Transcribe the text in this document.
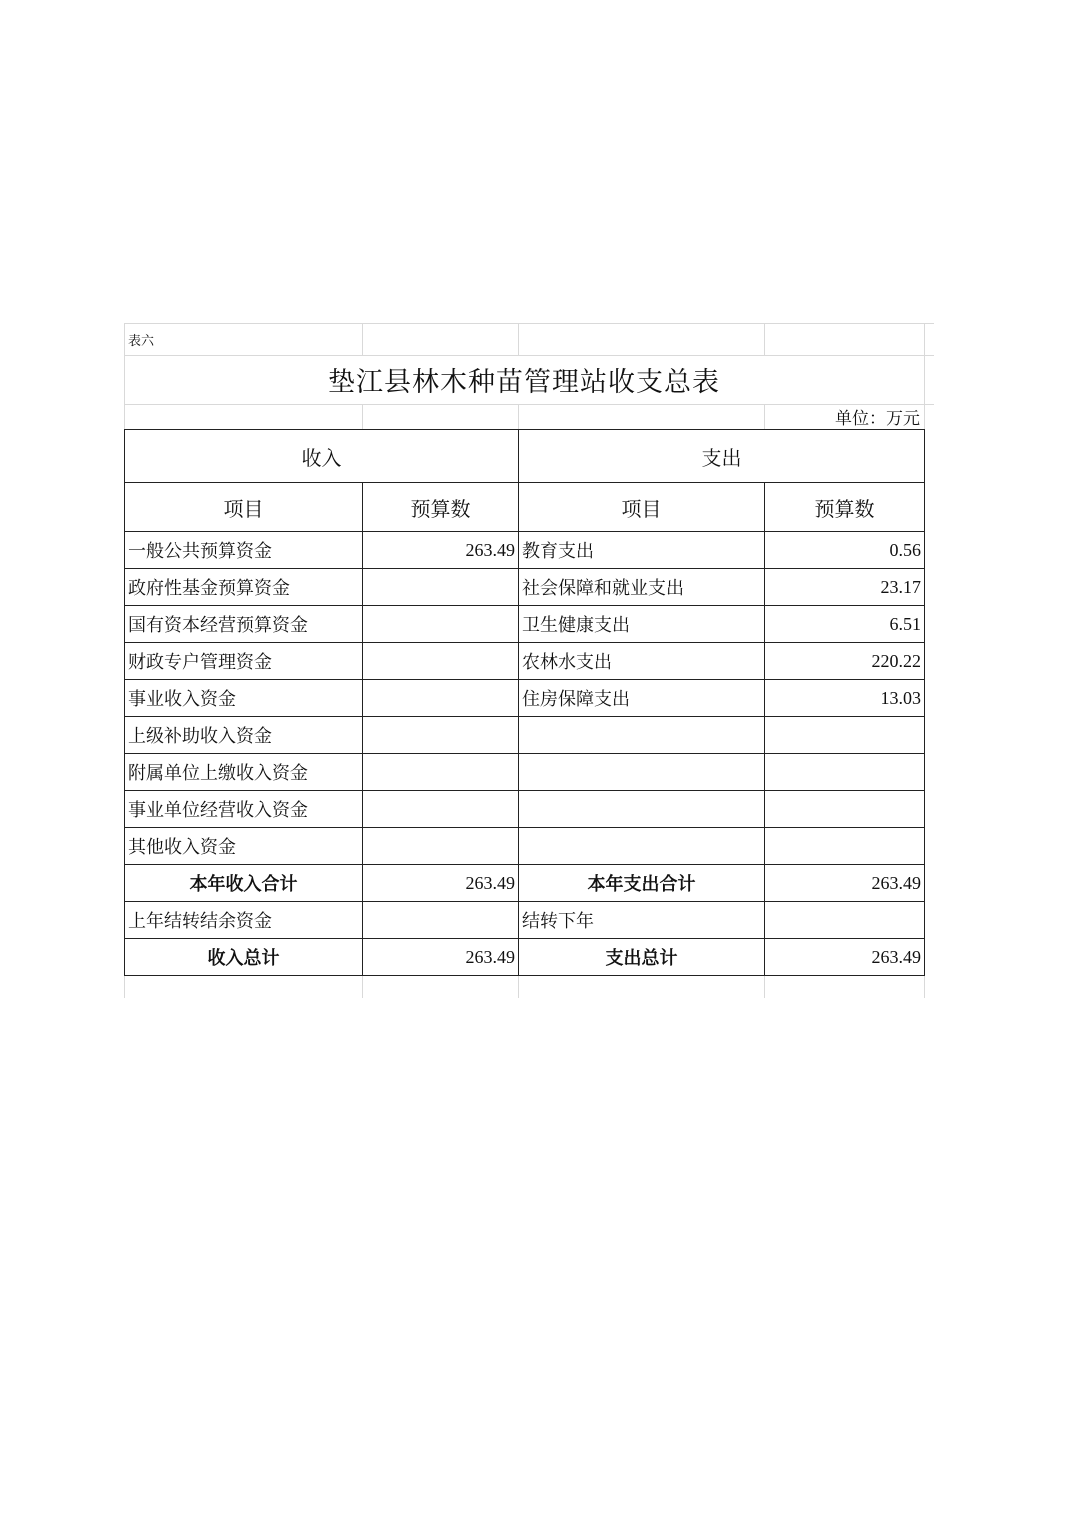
表六
垫江县林木种苗管理站收支总表
单位：万元
收入		支出	
项目	预算数	项目	预算数
一般公共预算资金	263.49	教育支出	0.56
政府性基金预算资金		社会保障和就业支出	23.17
国有资本经营预算资金		卫生健康支出	6.51
财政专户管理资金		农林水支出	220.22
事业收入资金		住房保障支出	13.03
上级补助收入资金			
附属单位上缴收入资金			
事业单位经营收入资金			
其他收入资金			
本年收入合计	263.49	本年支出合计	263.49
上年结转结余资金		结转下年	
收入总计	263.49	支出总计	263.49
